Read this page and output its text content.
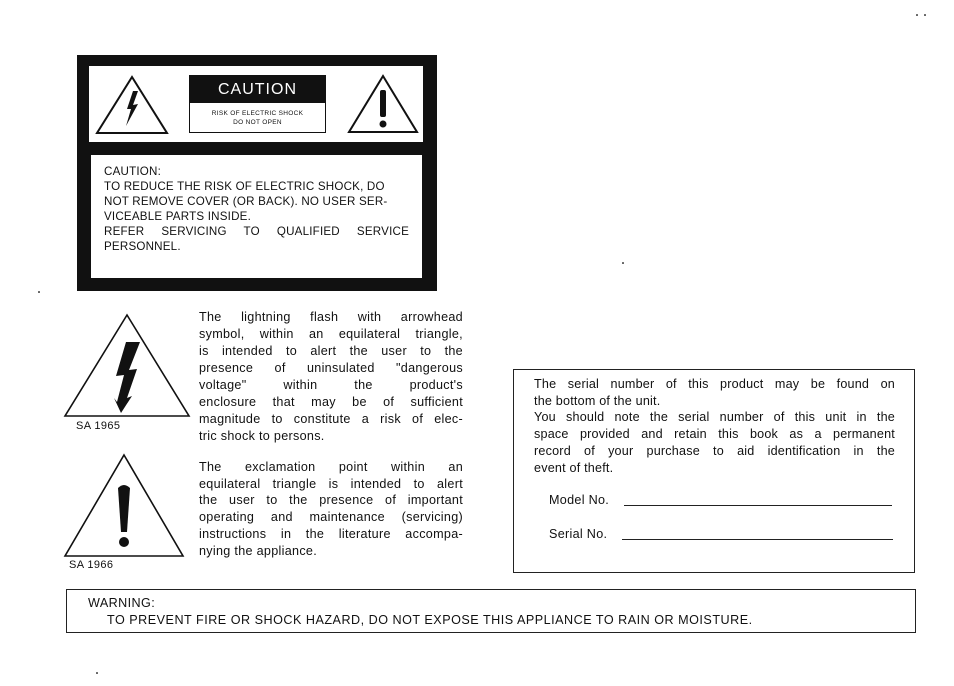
CAUTION
RISK OF ELECTRIC SHOCK
DO NOT OPEN
CAUTION:
TO REDUCE THE RISK OF ELECTRIC SHOCK, DO
NOT REMOVE COVER (OR BACK). NO USER SER-
VICEABLE PARTS INSIDE.
REFER SERVICING TO QUALIFIED SERVICE
PERSONNEL.
SA 1965
The lightning flash with arrowhead
symbol, within an equilateral triangle,
is intended to alert the user to the
presence of uninsulated "dangerous
voltage" within the product's
enclosure that may be of sufficient
magnitude to constitute a risk of elec-
tric shock to persons.
SA 1966
The exclamation point within an
equilateral triangle is intended to alert
the user to the presence of important
operating and maintenance (servicing)
instructions in the literature accompa-
nying the appliance.
The serial number of this product may be found on
the bottom of the unit.
You should note the serial number of this unit in the
space provided and retain this book as a permanent
record of your purchase to aid identification in the
event of theft.
Model No.
Serial No.
WARNING:
TO PREVENT FIRE OR SHOCK HAZARD, DO NOT EXPOSE THIS APPLIANCE TO RAIN OR MOISTURE.
